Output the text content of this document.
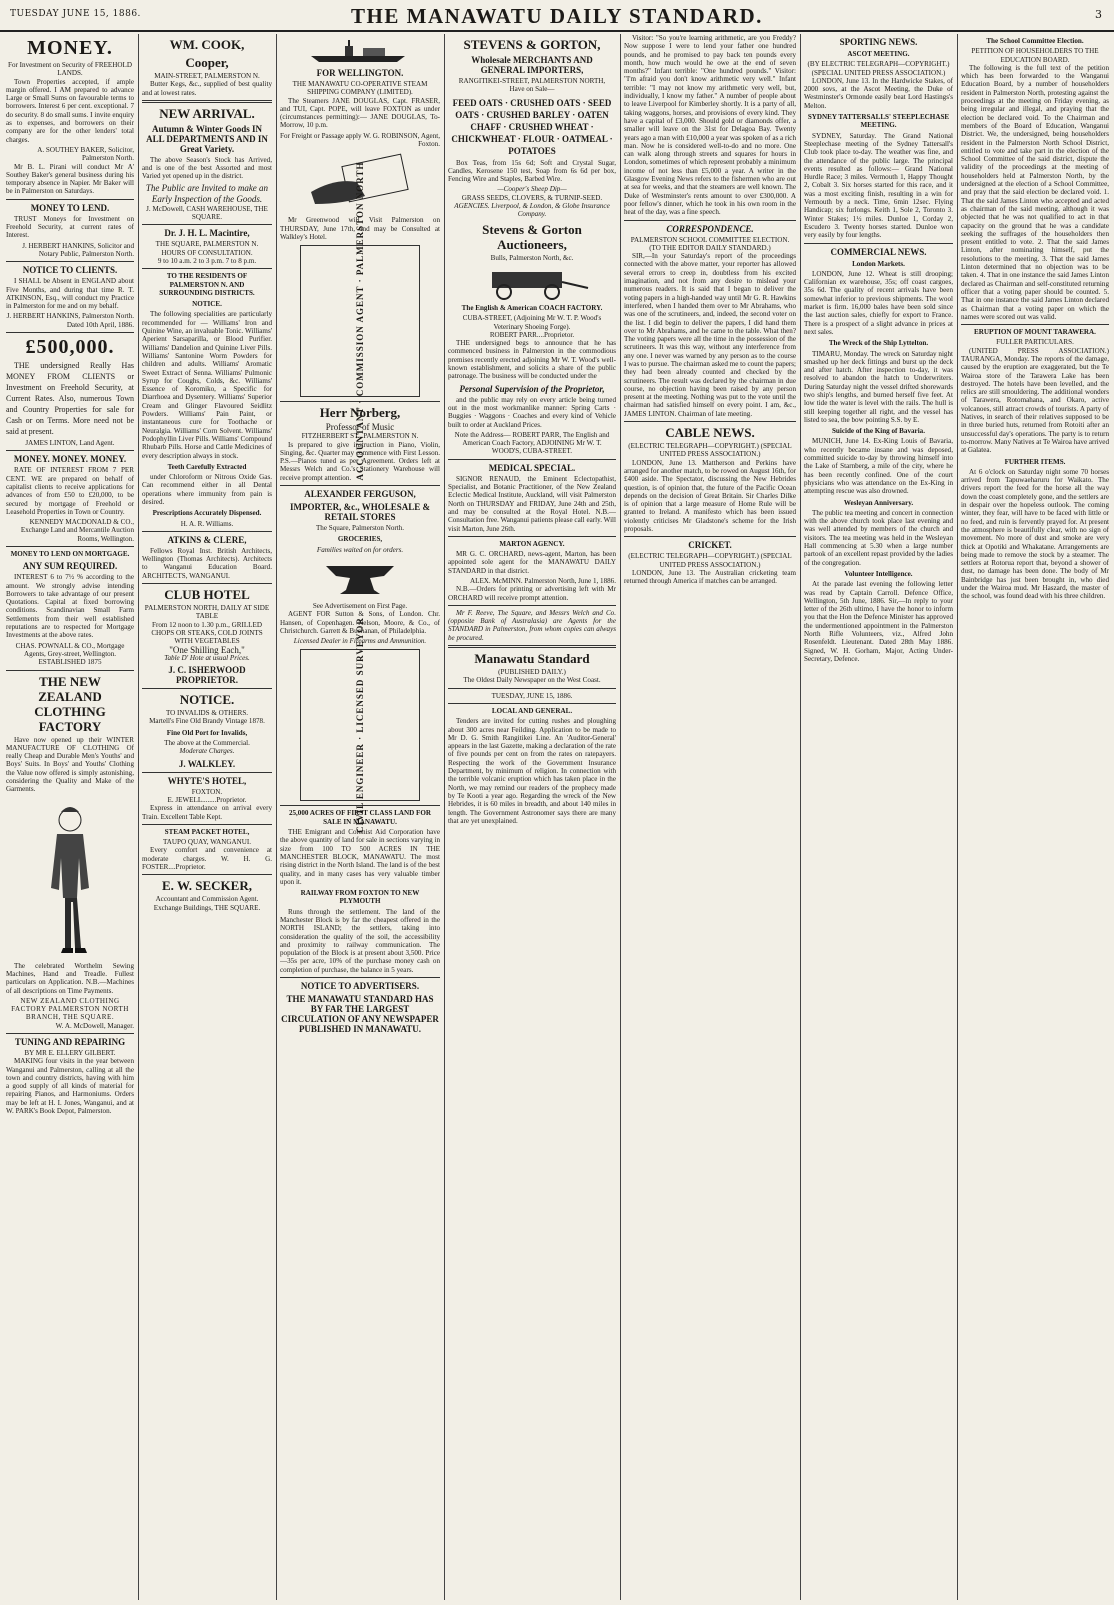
TUESDAY JUNE 15, 1886.	THE MANAWATU DAILY STANDARD.	3
MONEY.
For Investment on Security of FREEHOLD LANDS.

Town Properties accepted, if ample margin offered. I AM prepared to advance Large or Small Sums on favourable terms to borrowers. Interest 6 per cent. exceptional. 7 do security. 8 do small sums. I invite enquiry as to expenses, and borrowers on their company are for the other lenders' total charges.

A. SOUTHEY BAKER, Solicitor, Palmerston North.

Mr B. L. Pirani will conduct Mr A' Southey Baker's general business during his temporary absence in Napier. Mr Baker will be in Palmerston on Saturdays.

MONEY TO LEND.

TRUST Moneys for Investment on Freehold Security, at current rates of Interest.

J. HERBERT HANKINS, Solicitor and Notary Public, Palmerston North.
NOTICE TO CLIENTS.

I SHALL be Absent in ENGLAND about Five Months, and during that time R. T. ATKINSON, Esq., will conduct my Practice in Palmerston for me and on my behalf.

J. HERBERT HANKINS, Palmerston North. Dated 10th April, 1886.
£500,000.

THE undersigned Really Has MONEY FROM CLIENTS or Investment on Freehold Security, at Current Rates. Also, numerous Town and Country Properties for sale for Cash or on Terms. More need not be said at present.

JAMES LINTON, Land Agent.
MONEY. MONEY. MONEY.

RATE OF INTEREST FROM 7 PER CENT. WE are prepared on behalf of capitalist clients to receive applications for advances of from £50 to £20,000, to be secured by mortgage of Freehold or Leasehold Properties in Town or Country.

KENNEDY MACDONALD & CO., Exchange Land and Mercantile Auction Rooms, Wellington.
MONEY TO LEND ON MORTGAGE.
ANY SUM REQUIRED.

INTEREST 6 to 7½ % according to the amount. We strongly advise intending Borrowers to take advantage of our present Quotations. Capital at fixed borrowing conditions. Scandinavian Small Farm Settlements from their well established reputations are to respected for Mortgage Investments at the above rates.

CHAS. POWNALL & CO., Mortgage Agents, Grey-street, Wellington. ESTABLISHED 1875
THE NEW ZEALAND CLOTHING FACTORY

Have now opened up their WINTER MANUFACTURE OF CLOTHING Of really Cheap and Durable Men's Youths' and Boys' Suits. In Boys' and Youths' Clothing the Value now offered is simply astonishing, considering the Quality and Make of the Garments.

The celebrated Worthelm Sewing Machines, Hand and Treadle. Fullest particulars on Application. N.B.—Machines of all descriptions on Time Payments.

NEW ZEALAND CLOTHING FACTORY PALMERSTON NORTH BRANCH, THE SQUARE.
W. A. McDowell, Manager.
TUNING AND REPAIRING
BY MR E. ELLERY GILBERT.

MAKING four visits in the year between Wanganui and Palmerston, calling at all the town and country districts, having with him a good supply of all kinds of material for repairing Pianos, and Harmoniums. Orders may be left at H. I. Jones, Wanganui, and at W. PARK's Book Depot, Palmerston.

WM. COOK,
Cooper,
MAIN-STREET, PALMERSTON N.

Butter Kegs, &c., supplied of best quality and at lowest rates.

NEW ARRIVAL.
Autumn & Winter Goods IN ALL DEPARTMENTS AND IN Great Variety.

The above Season's Stock has Arrived, and is one of the best Assorted and most Varied yet opened up in the district.

The Public are Invited to make an Early Inspection of the Goods.
J. McDowell, CASH WAREHOUSE, THE SQUARE.
Dr. J. H. L. Macintire,
THE SQUARE, PALMERSTON N.
HOURS OF CONSULTATION.
9 to 10 a.m. 2 to 3 p.m. 7 to 8 p.m.
TO THE RESIDENTS OF PALMERSTON N. AND SURROUNDING DISTRICTS.
NOTICE.

The following specialities are particularly recommended for — Williams' Iron and Quinine Wine, an invaluable Tonic. Williams' Aperient Sarsaparilla, or Blood Purifier. Williams' Dandelion and Quinine Liver Pills. Williams' Santonine Worm Powders for children and adults. Williams' Aromatic Sweet Extract of Senna. Williams' Pulmonic Syrup for Coughs, Colds, &c. Williams' Essence of Koromiko, a Specific for Diarrhoea and Dysentery. Williams' Superior Cream and Glinger Flavoured Seidlitz Powders. Williams' Pain Paint, or instantaneous cure for Toothache or Neuralgia. Williams' Corn Solvent. Williams' Podophyllin Liver Pills. Williams' Compound Rhubarb Pills. Horse and Cattle Medicines of every description always in stock.

Teeth Carefully Extracted

under Chloroform or Nitrous Oxide Gas. Can recommend either in all Dental operations where immunity from pain is desired.

Prescriptions Accurately Dispensed.
H. A. R. Williams.
ATKINS & CLERE,

Fellows Royal Inst. British Architects, Wellington (Thomas Architects). Architects to Wanganui Education Board. ARCHITECTS, WANGANUI.

CLUB HOTEL
PALMERSTON NORTH, DAILY AT SIDE TABLE
From 12 noon to 1.30 p.m., GRILLED CHOPS OR STEAKS, COLD JOINTS WITH VEGETABLES
"One Shilling Each,"
Table D' Hote at usual Prices.
J. C. ISHERWOOD PROPRIETOR.
NOTICE.
TO INVALIDS & OTHERS.
Martell's Fine Old Brandy Vintage 1878.
Fine Old Port for Invalids,
The above at the Commercial.
Moderate Charges.
J. WALKLEY.
WHYTE'S HOTEL,
FOXTON.
E. JEWELL........Proprietor.

Express in attendance on arrival every Train. Excellent Table Kept.

STEAM PACKET HOTEL,
TAUPO QUAY, WANGANUI.

Every comfort and convenience at moderate charges. W. H. G. FOSTER....Proprietor.

E. W. SECKER,
Accountant and Commission Agent. Exchange Buildings, THE SQUARE.
FOR WELLINGTON.
THE MANAWATU CO-OPERATIVE STEAM SHIPPING COMPANY (LIMITED).

The Steamers JANE DOUGLAS, Capt. FRASER, and TUI, Capt. POPE, will leave FOXTON as under (circumstances permitting):— JANE DOUGLAS, To-Morrow, 10 p.m.

For Freight or Passage apply W. G. ROBINSON, Agent, Foxton.

Mr Greenwood will Visit Palmerston on THURSDAY, June 17th, and may be Consulted at Walkley's Hotel.	ACCOUNTANT · COMMISSION AGENT · PALMERSTON NORTH
Herr Norberg,
Professor of Music
FITZHERBERT ST., PALMERSTON N.

Is prepared to give instruction in Piano, Violin, Singing, &c. Quarter may commence with First Lesson. P.S.—Pianos tuned as per Agreement. Orders left at Messrs Welch and Co.'s Stationery Warehouse will receive prompt attention.

ALEXANDER FERGUSON,
IMPORTER, &c., WHOLESALE & RETAIL STORES
The Square, Palmerston North.
GROCERIES,
Families waited on for orders.
See Advertisement on First Page.

AGENT FOR Sutton & Sons, of London. Chr. Hansen, of Copenhagen. Nelson, Moore, & Co., of Christchurch. Garrett & Buchanan, of Philadelphia.

Licensed Dealer in Firearms and Ammunition.
CIVIL ENGINEER · LICENSED SURVEYOR
25,000 ACRES OF FIRST CLASS LAND FOR SALE IN MANAWATU.

THE Emigrant and Colonist Aid Corporation have the above quantity of land for sale in sections varying in size from 100 TO 500 ACRES IN THE MANCHESTER BLOCK, MANAWATU. The most rising district in the North Island. The land is of the best quality, and in many cases has very valuable timber upon it.

RAILWAY FROM FOXTON TO NEW PLYMOUTH

Runs through the settlement. The land of the Manchester Block is by far the cheapest offered in the NORTH ISLAND; the settlers, taking into consideration the quality of the soil, the accessibility and proximity to railway communication. The population of the Block is at present about 3,500. Price—35s per acre, 10% of the purchase money cash on completion of purchase, the balance in 5 years.

NOTICE TO ADVERTISERS.
THE MANAWATU STANDARD HAS BY FAR THE LARGEST CIRCULATION OF ANY NEWSPAPER PUBLISHED IN MANAWATU.
STEVENS & GORTON,
Wholesale MERCHANTS AND GENERAL IMPORTERS,
RANGITIKEI-STREET, PALMERSTON NORTH,
Have on Sale—
FEED OATS · CRUSHED OATS · SEED OATS · CRUSHED BARLEY · OATEN CHAFF · CRUSHED WHEAT · CHICKWHEAT · FLOUR · OATMEAL · POTATOES

Box Teas, from 15s 6d; Soft and Crystal Sugar, Candles, Kerosene 150 test, Soap from 6s 6d per box, Fencing Wire and Staples, Barbed Wire.

—Cooper's Sheep Dip—
GRASS SEEDS, CLOVERS, & TURNIP-SEED.
AGENCIES. Liverpool, & London, & Globe Insurance Company.
Stevens & Gorton Auctioneers,
Bulls, Palmerston North, &c.
The English & American COACH FACTORY.
CUBA-STREET, (Adjoining Mr W. T. P. Wood's Veterinary Shoeing Forge).
ROBERT PARR....Proprietor.

THE undersigned begs to announce that he has commenced business in Palmerston in the commodious premises recently erected adjoining Mr W. T. Wood's well-known establishment, and solicits a share of the public patronage. The business will be conducted under the

Personal Supervision of the Proprietor,

and the public may rely on every article being turned out in the most workmanlike manner: Spring Carts · Buggies · Waggons · Coaches and every kind of Vehicle built to order at Auckland Prices.

Note the Address— ROBERT PARR, The English and American Coach Factory, ADJOINING Mr W. T. WOOD'S, CUBA-STREET.
MEDICAL SPECIAL.

SIGNOR RENAUD, the Eminent Eclectopathist, Specialist, and Botanic Practitioner, of the New Zealand Eclectic Medical Institute, Auckland, will visit Palmerston North on THURSDAY and FRIDAY, June 24th and 25th, and may be consulted at the Royal Hotel. N.B.—Consultation free. Wanganui patients please call early. Will visit Marton, June 26th.

MARTON AGENCY.

MR G. C. ORCHARD, news-agent, Marton, has been appointed sole agent for the MANAWATU DAILY STANDARD in that district.

ALEX. McMINN. Palmerston North, June 1, 1886.

N.B.—Orders for printing or advertising left with Mr ORCHARD will receive prompt attention.

Mr F. Reeve, The Square, and Messrs Welch and Co. (opposite Bank of Australasia) are Agents for the STANDARD in Palmerston, from whom copies can always be procured.

Manawatu Standard
(PUBLISHED DAILY.)
The Oldest Daily Newspaper on the West Coast.
TUESDAY, JUNE 15, 1886.
LOCAL AND GENERAL.

Tenders are invited for cutting rushes and ploughing about 300 acres near Feilding. Application to be made to Mr D. G. Smith Rangitikei Line. An 'Auditor-General' appears in the last Gazette, making a declaration of the rate of five pounds per cent on from the rates on ratepayers. Respecting the work of the Government Insurance Department, by minimum of religion. In connection with the terrible volcanic eruption which has taken place in the North, we may remind our readers of the prophecy made by Te Kooti a year ago. Regarding the wreck of the New Hebrides, it is 60 miles in breadth, and about 140 miles in length. The Government Astronomer says there are many that are yet unexplained.

Visitor: "So you're learning arithmetic, are you Freddy? Now suppose I were to lend your father one hundred pounds, and he promised to pay back ten pounds every month, how much would he owe at the end of seven months?" Infant terrible: "One hundred pounds." Visitor: "I'm afraid you don't know arithmetic very well." Infant terrible: "I may not know my arithmetic very well, but, individually, I know my father." A number of people about to leave Liverpool for Kimberley shortly. It is a party of all, taking waggons, horses, and provisions of every kind. They have a capital of £3,000. Should gold or diamonds offer, a smaller will leave on the 31st for Delagoa Bay. Twenty years ago a man with £10,000 a year was spoken of as a rich man. Now he is considered well-to-do and no more. One can walk along through streets and squares for hours in London, sometimes of which represent probably a minimum income of not less than £5,000 a year. A writer in the Glasgow Evening News refers to the fishermen who are out at sea for weeks, and that the steamers are well known. The Duke of Westminster's rents amount to over £300,000. A poor fellow's dinner, which he took in his own room in the heat of the day, was a fine speech.

CORRESPONDENCE.
PALMERSTON SCHOOL COMMITTEE ELECTION.
(TO THE EDITOR DAILY STANDARD.)

SIR,—In your Saturday's report of the proceedings connected with the above matter, your reporter has allowed several errors to creep in, doubtless from his excited imagination, and not from any desire to mislead your numerous readers. It is said that I began to deliver the voting papers in a high-handed way until Mr G. R. Hawkins interfered, when I handed them over to Mr Abrahams, who was one of the scrutineers, and, indeed, the second voter on the list. I did begin to deliver the papers, I did hand them over to Mr Abrahams, and he came to the table. What then? The voting papers were all the time in the possession of the scrutineers. It was this way, without any interference from any one. I never was warned by any person as to the course I was to pursue. The chairman asked me to count the papers; they had been already counted and checked by the scrutineers. The result was declared by the chairman in due course, no objection having been raised by any person present at the meeting. Nothing was put to the vote until the chairman had satisfied himself on every point. I am, &c., JAMES LINTON. Chairman of late meeting.

CABLE NEWS.
(ELECTRIC TELEGRAPH—COPYRIGHT.) (SPECIAL UNITED PRESS ASSOCIATION.)

LONDON, June 13. Mattherson and Perkins have arranged for another match, to be rowed on August 16th, for £400 aside. The Spectator, discussing the New Hebrides question, is of opinion that, the future of the Pacific Ocean depends on the decision of Great Britain. Sir Charles Dilke is of opinion that a large measure of Home Rule will be granted to Ireland. A manifesto which has been issued violently criticises Mr Gladstone's scheme for the Irish proposals.

CRICKET.
(ELECTRIC TELEGRAPH—COPYRIGHT.) (SPECIAL UNITED PRESS ASSOCIATION.)

LONDON, June 13. The Australian cricketing team returned through America if matches can be arranged.

SPORTING NEWS.
ASCOT MEETING.
(BY ELECTRIC TELEGRAPH—COPYRIGHT.) (SPECIAL UNITED PRESS ASSOCIATION.)

LONDON, June 13. In the Hardwicke Stakes, of 2000 sovs, at the Ascot Meeting, the Duke of Westminster's Ormonde easily beat Lord Hastings's Melton.

SYDNEY TATTERSALLS' STEEPLECHASE MEETING.

SYDNEY, Saturday. The Grand National Steeplechase meeting of the Sydney Tattersall's Club took place to-day. The weather was fine, and the attendance of the public large. The principal events resulted as follows:— Grand National Hurdle Race; 3 miles. Vermouth 1, Happy Thought 2, Cobalt 3. Six horses started for this race, and it was a most exciting finish, resulting in a win for Vermouth by a neck. Time, 6min 12sec. Flying Handicap; six furlongs. Keith 1, Sole 2, Toronto 3. Winter Stakes; 1½ miles. Dunloe 1, Corday 2, Escudero 3. Twenty horses started. Dunloe won very easily by four lengths.

COMMERCIAL NEWS.
London Markets.

LONDON, June 12. Wheat is still drooping; Californian ex warehouse, 35s; off coast cargoes, 35s 6d. The quality of recent arrivals have been somewhat inferior to previous shipments. The wool market is firm. 16,000 bales have been sold since the last auction sales, chiefly for export to France. There is a prospect of a slight advance in prices at next sales.

The Wreck of the Ship Lyttelton.

TIMARU, Monday. The wreck on Saturday night smashed up her deck fittings and burst up the deck and after hatch. After inspection to-day, it was resolved to abandon the hatch to Underwriters. During Saturday night the vessel drifted shorewards two ship's lengths, and burned herself five feet. At low tide the water is level with the rails. The hull is still keeping together all right, and the vessel has listed to sea, the bow pointing S.S. by E.

Suicide of the King of Bavaria.

MUNICH, June 14. Ex-King Louis of Bavaria, who recently became insane and was deposed, committed suicide to-day by throwing himself into the Lake of Starnberg, a mile of the city, where he has been recently confined. One of the court physicians who was attendance on the Ex-King in attempting rescue was also drowned.

Wesleyan Anniversary.

The public tea meeting and concert in connection with the above church took place last evening and was well attended by members of the church and visitors. The tea meeting was held in the Wesleyan Hall commencing at 5.30 when a large number partook of an excellent repast provided by the ladies of the congregation.

Volunteer Intelligence.

At the parade last evening the following letter was read by Captain Carroll. Defence Office, Wellington, 5th June, 1886. Sir,—In reply to your letter of the 26th ultimo, I have the honor to inform you that the Hon the Defence Minister has approved the undermentioned appointment in the Palmerston North Rifle Volunteers, viz., Alfred John Rosenfeldt. Lieutenant. Dated 28th May 1886. Signed, W. H. Gorham, Major, Acting Under-Secretary, Defence.

The School Committee Election.
PETITION OF HOUSEHOLDERS TO THE EDUCATION BOARD.

The following is the full text of the petition which has been forwarded to the Wanganui Education Board, by a number of householders resident in Palmerston North, protesting against the proceedings at the meeting on Friday evening, as being irregular and illegal, and praying that the election be declared void. To the Chairman and members of the Board of Education, Wanganui District. We, the undersigned, being householders resident in the Palmerston North School District, entitled to vote and take part in the election of the School Committee of the said district, dispute the validity of the proceedings at the meeting of householders held at Palmerston North, by the undersigned at the election of a School Committee, and pray that the said election be declared void. 1. That the said James Linton who accepted and acted as chairman of the said meeting, although it was objected that he was not qualified to act in that capacity on the ground that he was a candidate seeking the suffrages of the householders then present entitled to vote. 2. That the said James Linton, after nominating himself, put the resolutions to the meeting. 3. That the said James Linton determined that no objection was to be taken. 4. That in one instance the said James Linton declared as Chairman and self-constituted returning officer that a voting paper should be counted. 5. That in one instance the said James Linton declared as Chairman that a voting paper on which the names were scored out was valid.

ERUPTION OF MOUNT TARAWERA.
FULLER PARTICULARS.

(UNITED PRESS ASSOCIATION.) TAURANGA, Monday. The reports of the damage, caused by the eruption are exaggerated, but the Te Wairoa store of the Tarawera Lake has been destroyed. The hotels have been levelled, and the relics are still smouldering. The additional wonders of Tarawera, Rotomahana, and Okaro, active volcanoes, still attract crowds of tourists. A party of Natives, in search of their relatives supposed to be in three buried huts, returned from Rotoiti after an unsuccessful day's operations. The party is to return to-morrow. Many Natives at Te Wairoa have arrived at Galatea.

FURTHER ITEMS.

At 6 o'clock on Saturday night some 70 horses arrived from Tapuwaeharuru for Waikato. The drivers report the feed for the horse all the way down the coast completely gone, and the settlers are in despair over the hopeless outlook. The coming winter, they fear, will have to be faced with little or no feed, and ruin is fervently prayed for. At present the atmosphere is beautifully clear, with no sign of movement. No more of dust and smoke are very thick at Opotiki and Whakatane. Arrangements are being made to remove the stock by a steamer. The settlers at Rotorua report that, beyond a shower of dust, no damage has been done. The body of Mr Bainbridge has just been brought in, who died under the Wairoa mud. Mr Haszard, the master of the school, was found dead with his three children.
